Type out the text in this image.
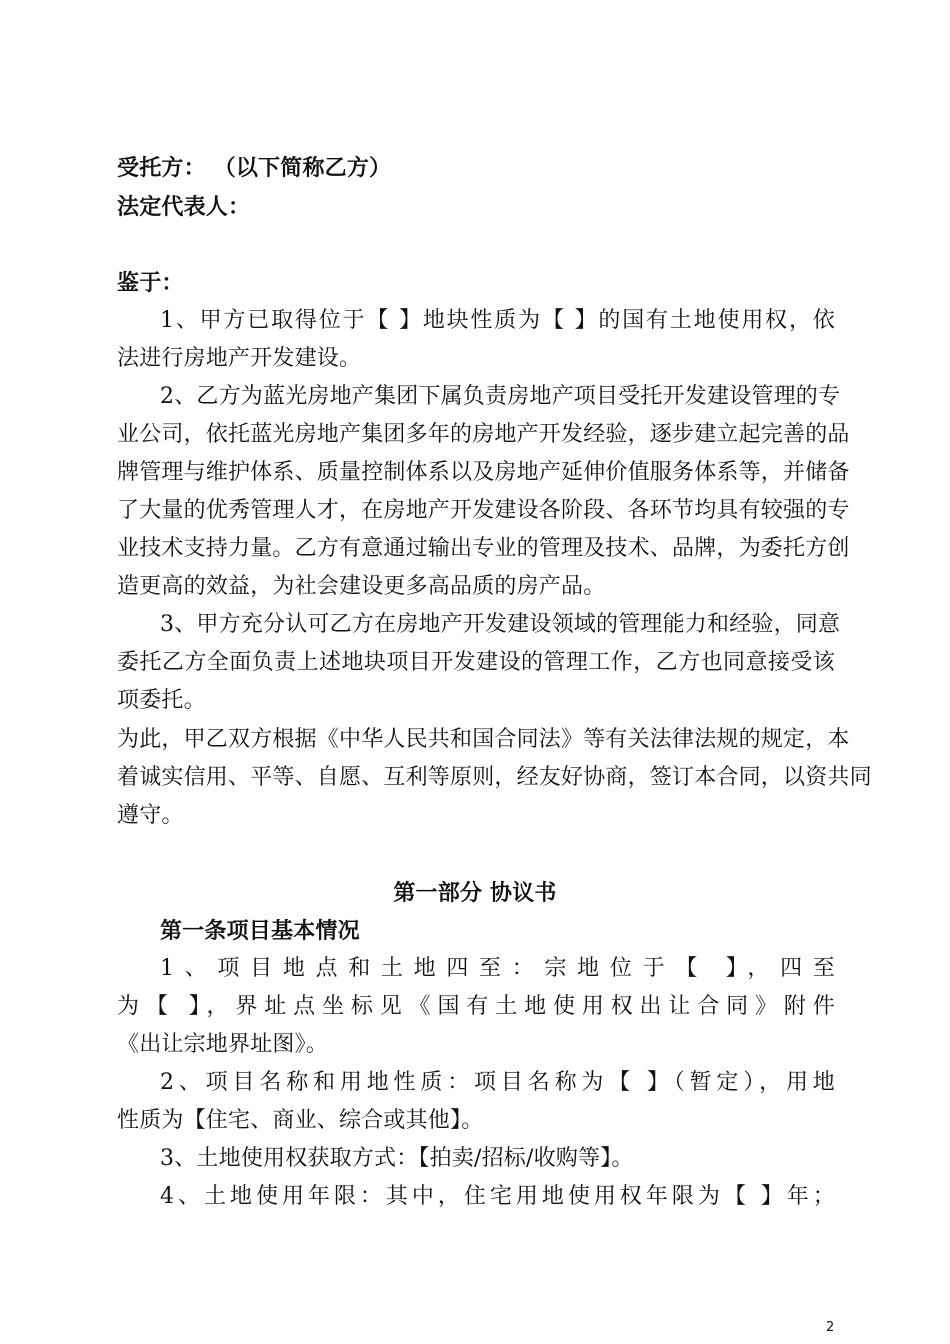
受托方： （以下简称乙方）
法定代表人：
鉴于：
1、甲方已取得位于【 】地块性质为【 】的国有土地使用权，依
法进行房地产开发建设。
2、乙方为蓝光房地产集团下属负责房地产项目受托开发建设管理的专
业公司，依托蓝光房地产集团多年的房地产开发经验，逐步建立起完善的品
牌管理与维护体系、质量控制体系以及房地产延伸价值服务体系等，并储备
了大量的优秀管理人才，在房地产开发建设各阶段、各环节均具有较强的专
业技术支持力量。乙方有意通过输出专业的管理及技术、品牌，为委托方创
造更高的效益，为社会建设更多高品质的房产品。
3、甲方充分认可乙方在房地产开发建设领域的管理能力和经验，同意
委托乙方全面负责上述地块项目开发建设的管理工作，乙方也同意接受该
项委托。
为此，甲乙双方根据《中华人民共和国合同法》等有关法律法规的规定，本
着诚实信用、平等、自愿、互利等原则，经友好协商，签订本合同，以资共同
遵守。
第一部分 协议书
第一条项目基本情况
1、项目地点和土地四至：宗地位于【 】，四至
为【 】，界址点坐标见《国有土地使用权出让合同》附件
《出让宗地界址图》。
2、项目名称和用地性质：项目名称为【 】（暂定），用地
性质为【住宅、商业、综合或其他】。
3、土地使用权获取方式：【拍卖/招标/收购等】。
4、土地使用年限：其中，住宅用地使用权年限为【 】年；
2
